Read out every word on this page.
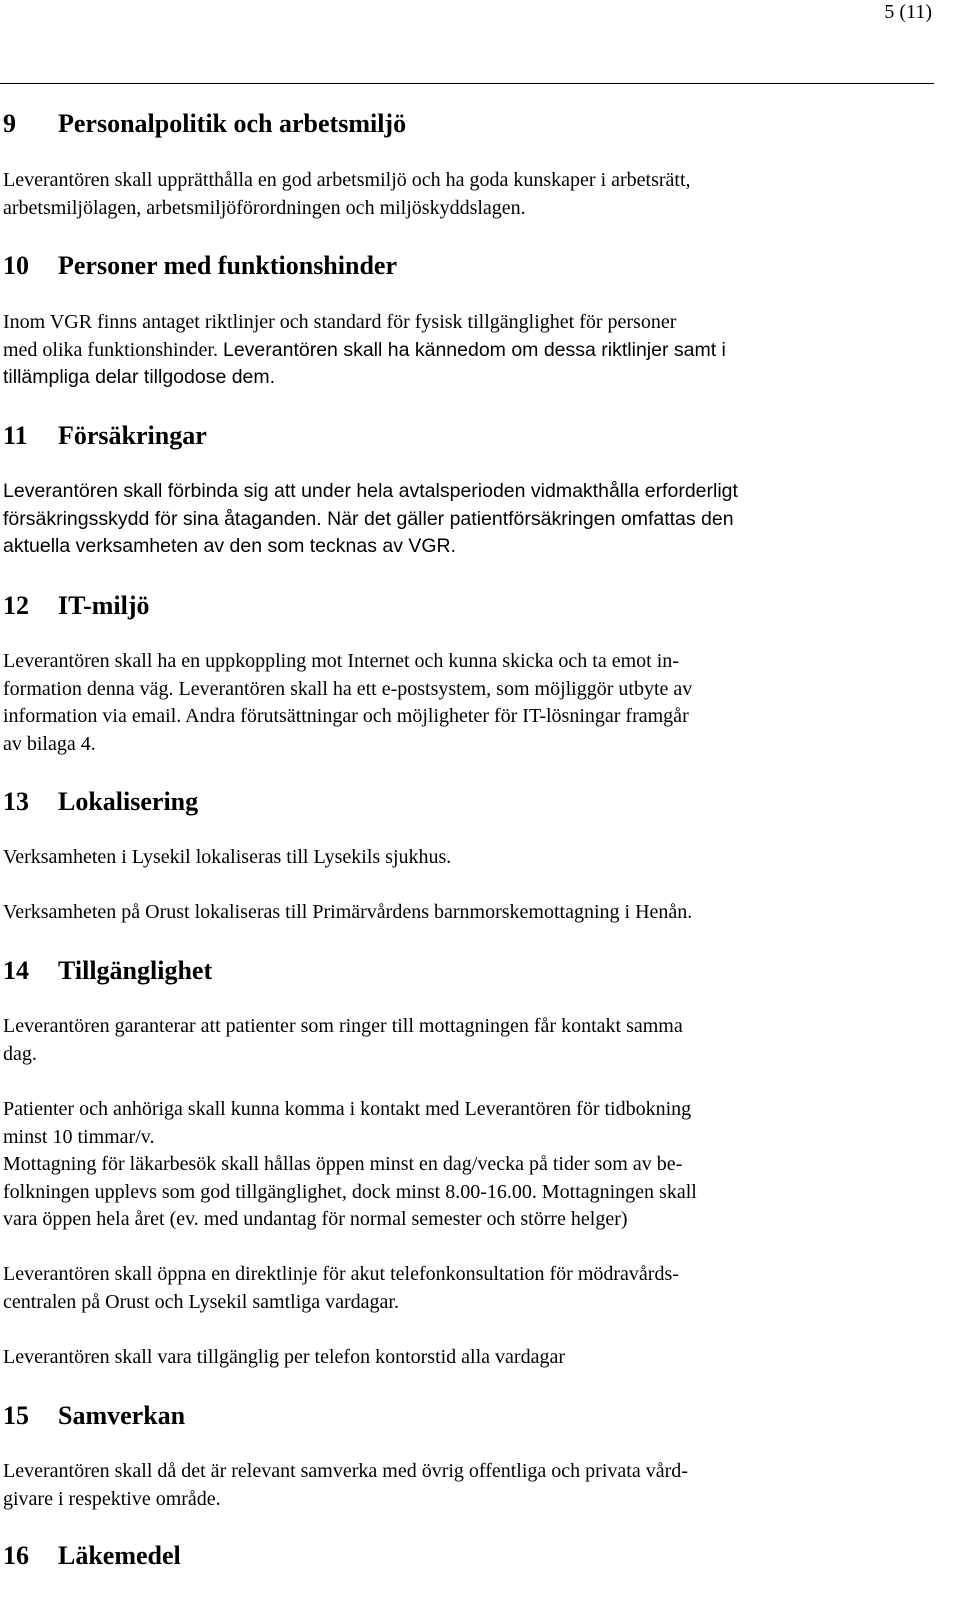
5 (11)
9 Personalpolitik och arbetsmiljö

Leverantören skall upprätthålla en god arbetsmiljö och ha goda kunskaper i arbetsrätt,
arbetsmiljölagen, arbetsmiljöförordningen och miljöskyddslagen.

10 Personer med funktionshinder

Inom VGR finns antaget riktlinjer och standard för fysisk tillgänglighet för personer
med olika funktionshinder. Leverantören skall ha kännedom om dessa riktlinjer samt i
tillämpliga delar tillgodose dem.

11 Försäkringar

Leverantören skall förbinda sig att under hela avtalsperioden vidmakthålla erforderligt
försäkringsskydd för sina åtaganden. När det gäller patientförsäkringen omfattas den
aktuella verksamheten av den som tecknas av VGR.

12 IT-miljö

Leverantören skall ha en uppkoppling mot Internet och kunna skicka och ta emot in-
formation denna väg. Leverantören skall ha ett e-postsystem, som möjliggör utbyte av
information via email. Andra förutsättningar och möjligheter för IT-lösningar framgår
av bilaga 4.

13 Lokalisering

Verksamheten i Lysekil lokaliseras till Lysekils sjukhus.

Verksamheten på Orust lokaliseras till Primärvårdens barnmorskemottagning i Henån.

14 Tillgänglighet

Leverantören garanterar att patienter som ringer till mottagningen får kontakt samma
dag.

Patienter och anhöriga skall kunna komma i kontakt med Leverantören för tidbokning
minst 10 timmar/v.
Mottagning för läkarbesök skall hållas öppen minst en dag/vecka på tider som av be-
folkningen upplevs som god tillgänglighet, dock minst 8.00-16.00. Mottagningen skall
vara öppen hela året (ev. med undantag för normal semester och större helger)

Leverantören skall öppna en direktlinje för akut telefonkonsultation för mödravårds-
centralen på Orust och Lysekil samtliga vardagar.

Leverantören skall vara tillgänglig per telefon kontorstid alla vardagar

15 Samverkan

Leverantören skall då det är relevant samverka med övrig offentliga och privata vård-
givare i respektive område.

16 Läkemedel
